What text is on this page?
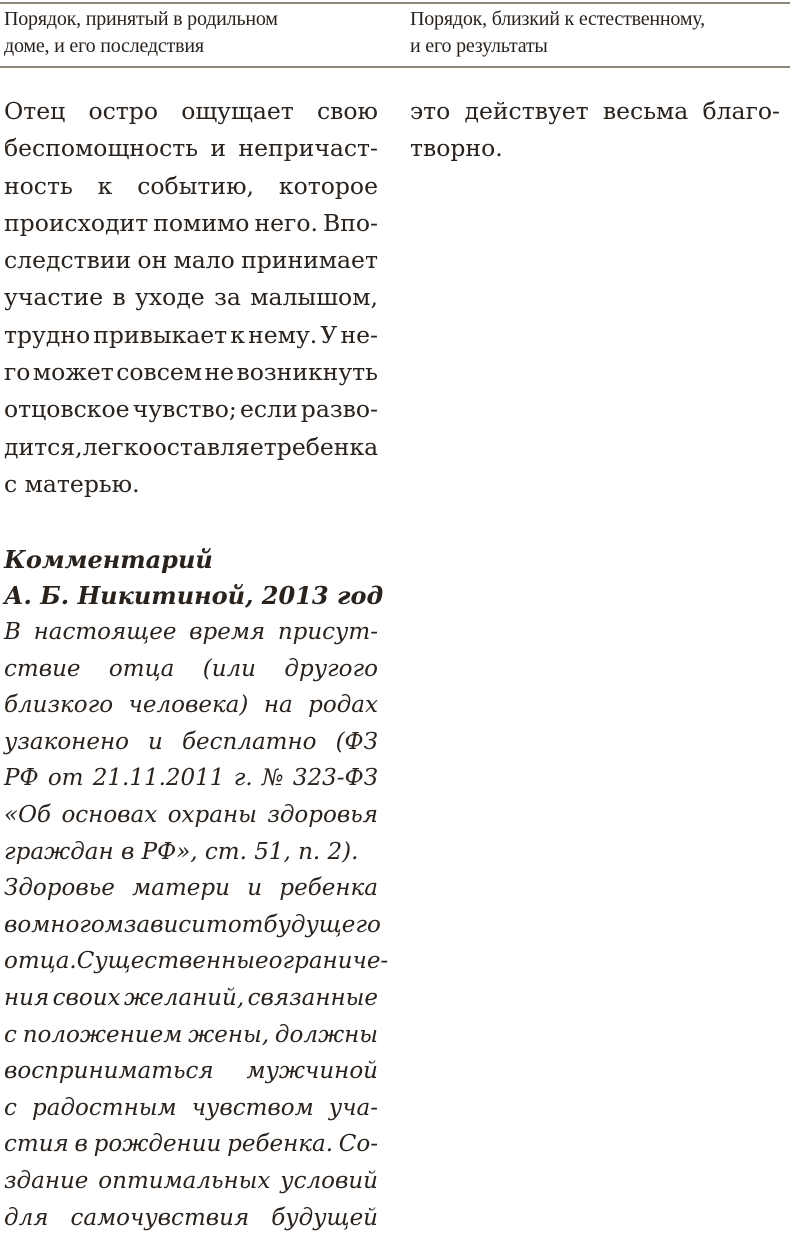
Порядок, принятый в родильном
доме, и его последствия
Порядок, близкий к естественному,
и его результаты
Отец остро ощущает свою
беспомощность и непричаст-
ность к событию, которое
происходит помимо него. Впо-
следствии он мало принимает
участие в уходе за малышом,
трудно привыкает к нему. У не-
го может совсем не возникнуть
отцовское чувство; если разво-
дится, легко оставляет ребенка
с матерью.
это действует весьма благо-
творно.
Комментарий
А. Б. Никитиной, 2013 год
В настоящее время присут-
ствие отца (или другого
близкого человека) на родах
узаконено и бесплатно (ФЗ
РФ от 21.11.2011 г. № 323-ФЗ
«Об основах охраны здоровья
граждан в РФ», ст. 51, п. 2).
Здоровье матери и ребенка
во многом зависит от будущего
отца. Существенные ограниче-
ния своих желаний, связанные
с положением жены, должны
восприниматься мужчиной
с радостным чувством уча-
стия в рождении ребенка. Со-
здание оптимальных условий
для самочувствия будущей
